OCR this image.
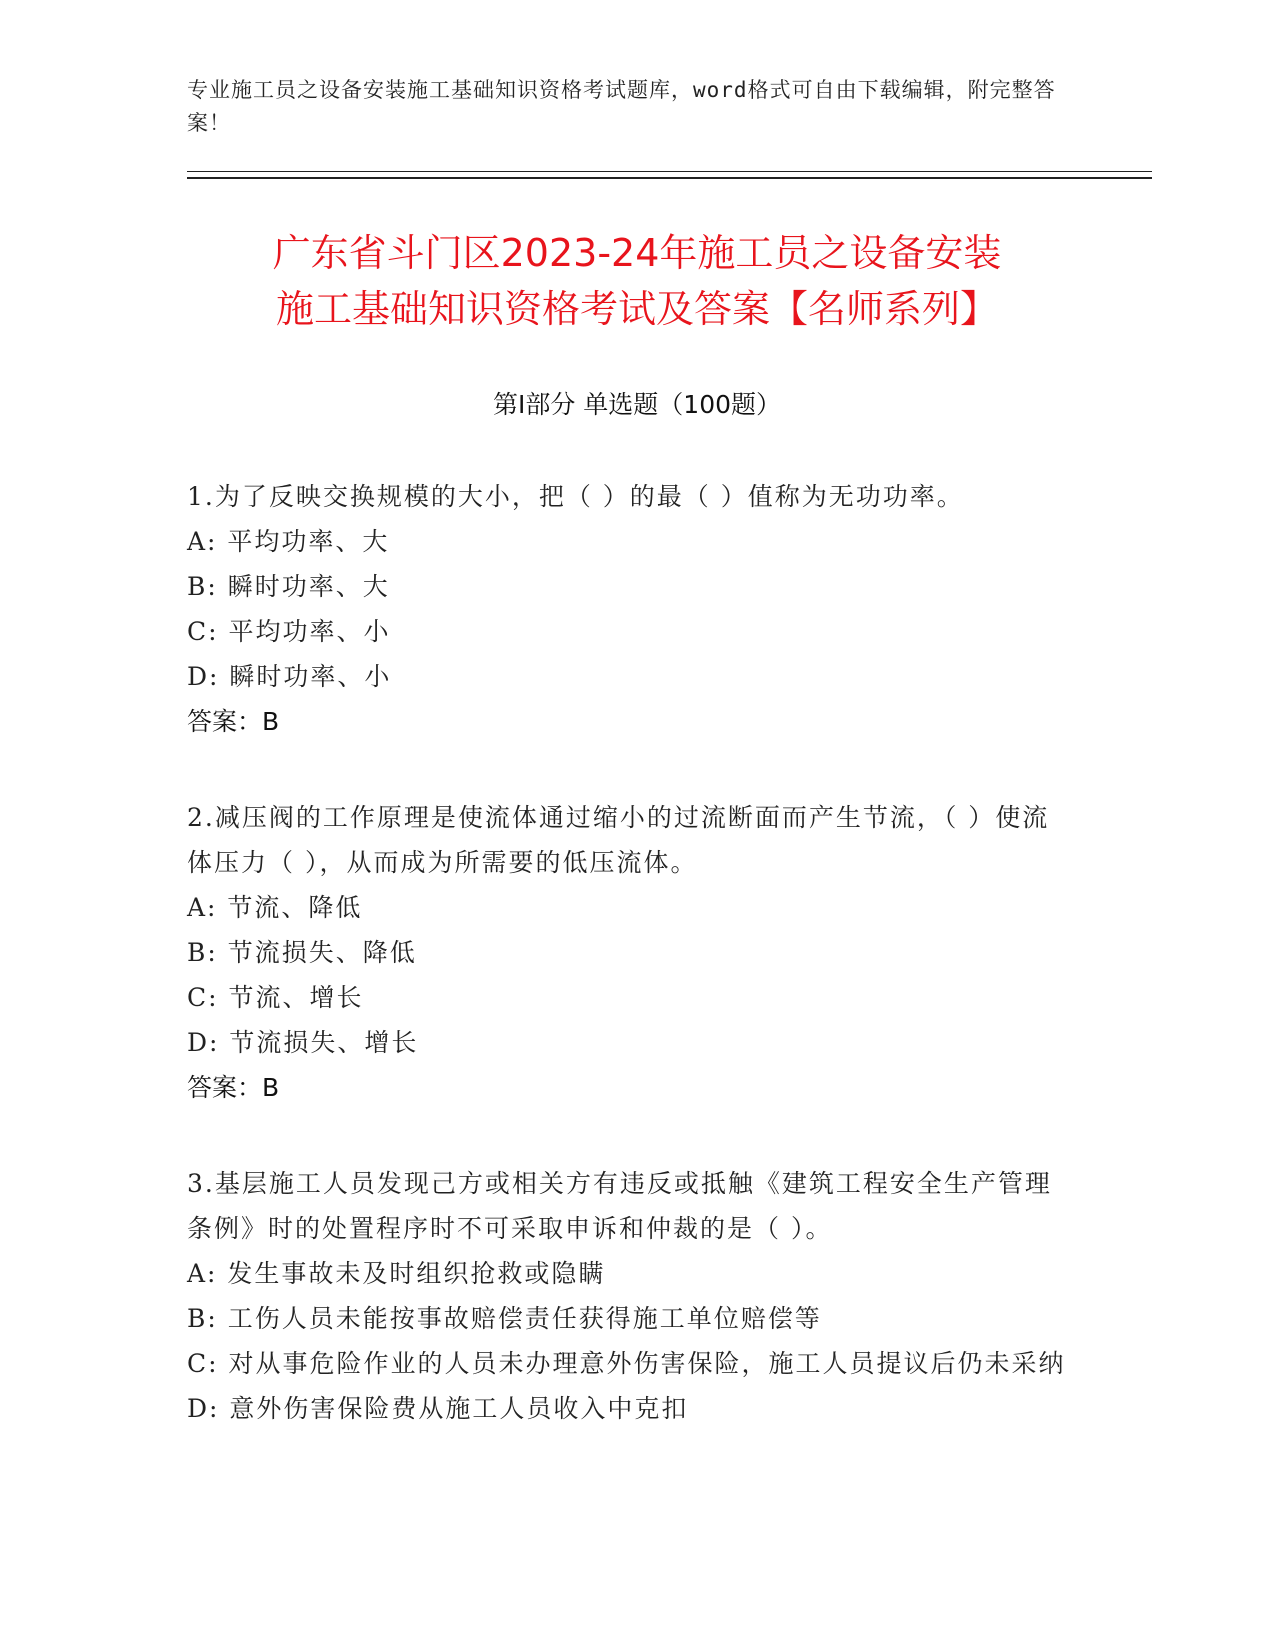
专业施工员之设备安装施工基础知识资格考试题库，word格式可自由下载编辑，附完整答案！
广东省斗门区2023-24年施工员之设备安装
施工基础知识资格考试及答案【名师系列】
第Ⅰ部分 单选题（100题）
1.为了反映交换规模的大小，把（ ）的最（ ）值称为无功功率。
A: 平均功率、大
B: 瞬时功率、大
C: 平均功率、小
D: 瞬时功率、小
答案：B
2.减压阀的工作原理是使流体通过缩小的过流断面而产生节流，（ ）使流体压力（ ），从而成为所需要的低压流体。
A: 节流、降低
B: 节流损失、降低
C: 节流、增长
D: 节流损失、增长
答案：B
3.基层施工人员发现己方或相关方有违反或抵触《建筑工程安全生产管理条例》时的处置程序时不可采取申诉和仲裁的是（ ）。
A: 发生事故未及时组织抢救或隐瞒
B: 工伤人员未能按事故赔偿责任获得施工单位赔偿等
C: 对从事危险作业的人员未办理意外伤害保险，施工人员提议后仍未采纳
D: 意外伤害保险费从施工人员收入中克扣
